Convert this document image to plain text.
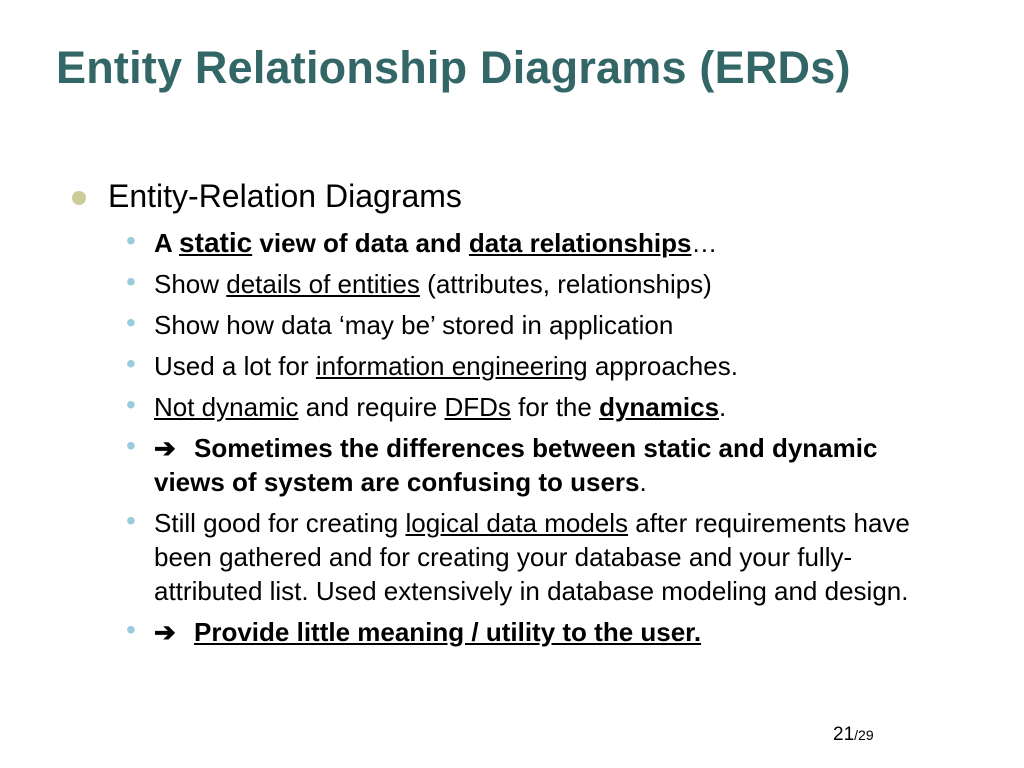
Entity Relationship Diagrams (ERDs)
Entity-Relation Diagrams
• A static view of data and data relationships…
• Show details of entities (attributes, relationships)
• Show how data ‘may be’ stored in application
• Used a lot for information engineering approaches.
• Not dynamic and require DFDs for the dynamics.
• ➔ Sometimes the differences between static and dynamic views of system are confusing to users.
• Still good for creating logical data models after requirements have been gathered and for creating your database and your fully-attributed list. Used extensively in database modeling and design.
• ➔ Provide little meaning / utility to the user.
21/29
